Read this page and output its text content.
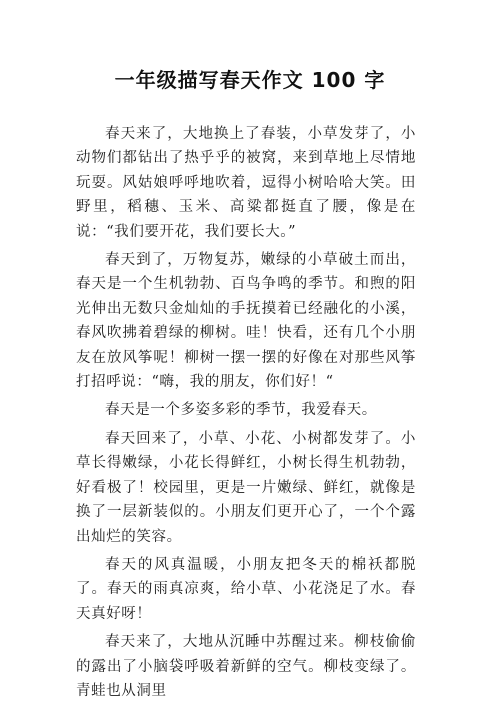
一年级描写春天作文 100 字

春天来了，大地换上了春装，小草发芽了，小动物们都钻出了热乎乎的被窝，来到草地上尽情地玩耍。风姑娘呼呼地吹着，逗得小树哈哈大笑。田野里，稻穗、玉米、高粱都挺直了腰，像是在说：“我们要开花，我们要长大。”

春天到了，万物复苏，嫩绿的小草破土而出，春天是一个生机勃勃、百鸟争鸣的季节。和煦的阳光伸出无数只金灿灿的手抚摸着已经融化的小溪，春风吹拂着碧绿的柳树。哇！快看，还有几个小朋友在放风筝呢！柳树一摆一摆的好像在对那些风筝打招呼说：“嗨，我的朋友，你们好！“

春天是一个多姿多彩的季节，我爱春天。

春天回来了，小草、小花、小树都发芽了。小草长得嫩绿，小花长得鲜红，小树长得生机勃勃，好看极了！校园里，更是一片嫩绿、鲜红，就像是换了一层新装似的。小朋友们更开心了，一个个露出灿烂的笑容。

春天的风真温暖，小朋友把冬天的棉袄都脱了。春天的雨真凉爽，给小草、小花浇足了水。春天真好呀！

春天来了，大地从沉睡中苏醒过来。柳枝偷偷的露出了小脑袋呼吸着新鲜的空气。柳枝变绿了。青蛙也从洞里
